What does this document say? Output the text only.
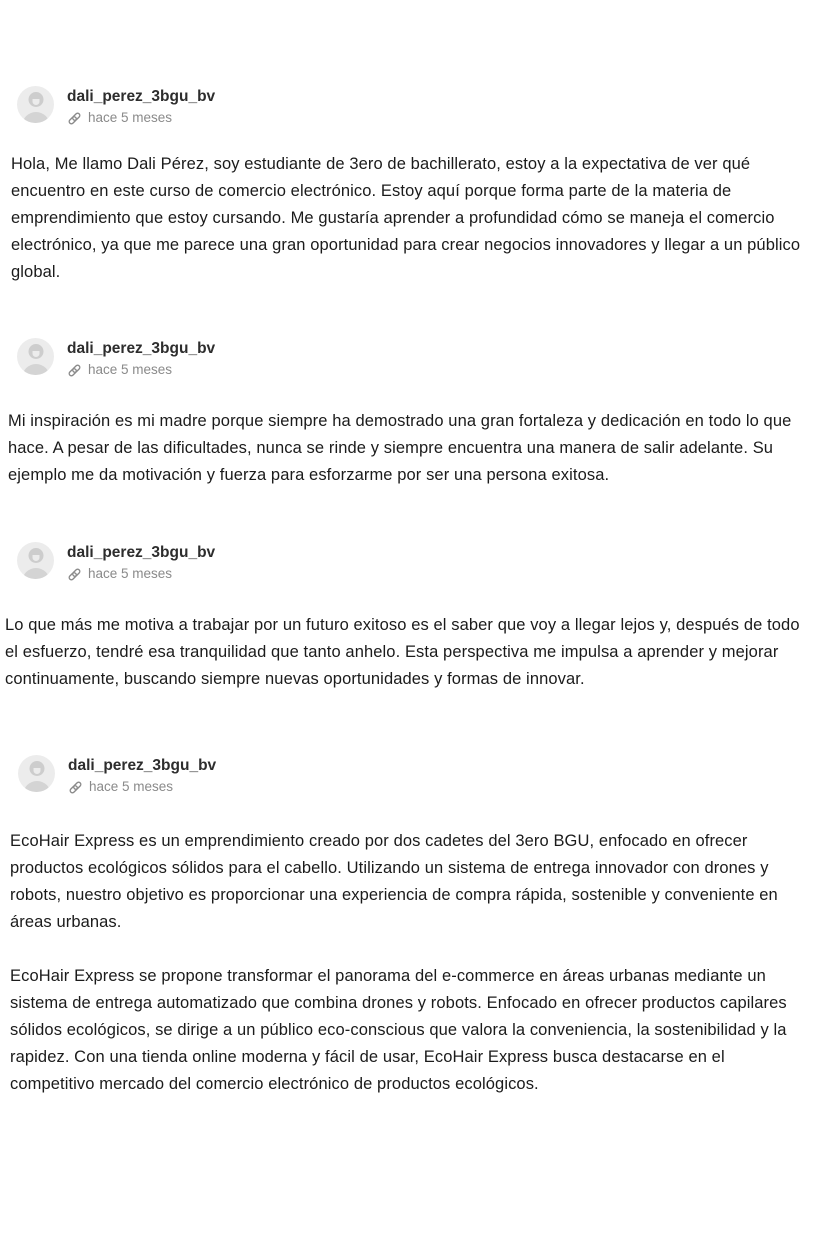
dali_perez_3bgu_bv
hace 5 meses

Hola, Me llamo Dali Pérez, soy estudiante de 3ero de bachillerato, estoy a la expectativa de ver qué encuentro en este curso de comercio electrónico. Estoy aquí porque forma parte de la materia de emprendimiento que estoy cursando. Me gustaría aprender a profundidad cómo se maneja el comercio electrónico, ya que me parece una gran oportunidad para crear negocios innovadores y llegar a un público global.

dali_perez_3bgu_bv
hace 5 meses

Mi inspiración es mi madre porque siempre ha demostrado una gran fortaleza y dedicación en todo lo que hace. A pesar de las dificultades, nunca se rinde y siempre encuentra una manera de salir adelante. Su ejemplo me da motivación y fuerza para esforzarme por ser una persona exitosa.

dali_perez_3bgu_bv
hace 5 meses

Lo que más me motiva a trabajar por un futuro exitoso es el saber que voy a llegar lejos y, después de todo el esfuerzo, tendré esa tranquilidad que tanto anhelo. Esta perspectiva me impulsa a aprender y mejorar continuamente, buscando siempre nuevas oportunidades y formas de innovar.

dali_perez_3bgu_bv
hace 5 meses

EcoHair Express es un emprendimiento creado por dos cadetes del 3ero BGU, enfocado en ofrecer productos ecológicos sólidos para el cabello. Utilizando un sistema de entrega innovador con drones y robots, nuestro objetivo es proporcionar una experiencia de compra rápida, sostenible y conveniente en áreas urbanas.

EcoHair Express se propone transformar el panorama del e-commerce en áreas urbanas mediante un sistema de entrega automatizado que combina drones y robots. Enfocado en ofrecer productos capilares sólidos ecológicos, se dirige a un público eco-conscious que valora la conveniencia, la sostenibilidad y la rapidez. Con una tienda online moderna y fácil de usar, EcoHair Express busca destacarse en el competitivo mercado del comercio electrónico de productos ecológicos.
